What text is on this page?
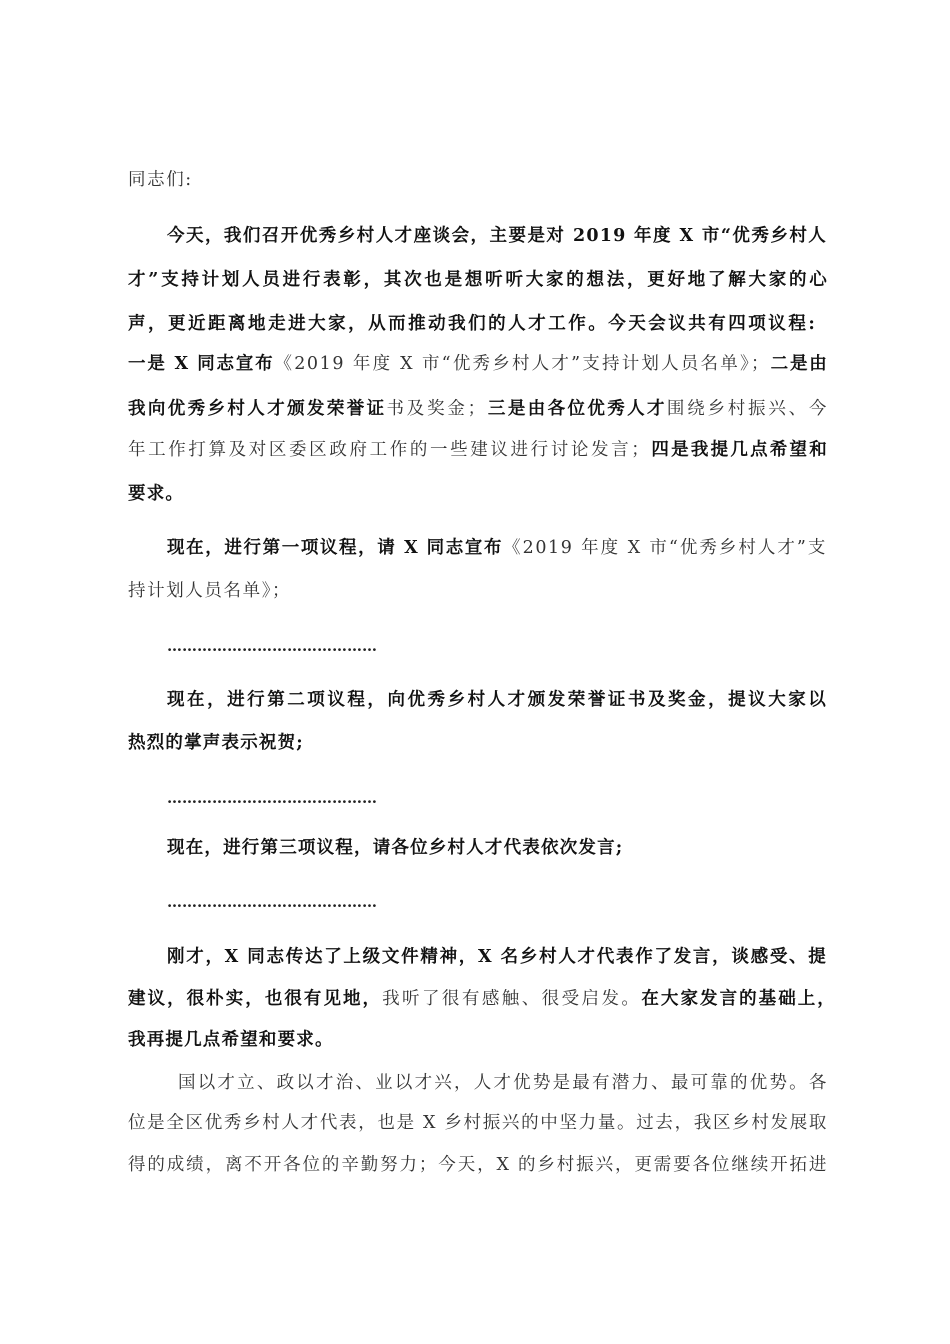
同志们:
今天，我们召开优秀乡村人才座谈会，主要是对 2019 年度 X 市“优秀乡村人
才”支持计划人员进行表彰，其次也是想听听大家的想法，更好地了解大家的心
声，更近距离地走进大家，从而推动我们的人才工作。今天会议共有四项议程:
一是 X 同志宣布《2019 年度 X 市“优秀乡村人才”支持计划人员名单》；二是由
我向优秀乡村人才颁发荣誉证书及奖金；三是由各位优秀人才围绕乡村振兴、今
年工作打算及对区委区政府工作的一些建议进行讨论发言；四是我提几点希望和
要求。
现在，进行第一项议程，请 X 同志宣布《2019 年度 X 市“优秀乡村人才”支
持计划人员名单》；
……………………………………
现在，进行第二项议程，向优秀乡村人才颁发荣誉证书及奖金，提议大家以
热烈的掌声表示祝贺;
……………………………………
现在，进行第三项议程，请各位乡村人才代表依次发言;
……………………………………
刚才，X 同志传达了上级文件精神，X 名乡村人才代表作了发言，谈感受、提
建议，很朴实，也很有见地，我听了很有感触、很受启发。在大家发言的基础上，
我再提几点希望和要求。
国以才立、政以才治、业以才兴，人才优势是最有潜力、最可靠的优势。各
位是全区优秀乡村人才代表，也是 X 乡村振兴的中坚力量。过去，我区乡村发展取
得的成绩，离不开各位的辛勤努力；今天，X 的乡村振兴，更需要各位继续开拓进
